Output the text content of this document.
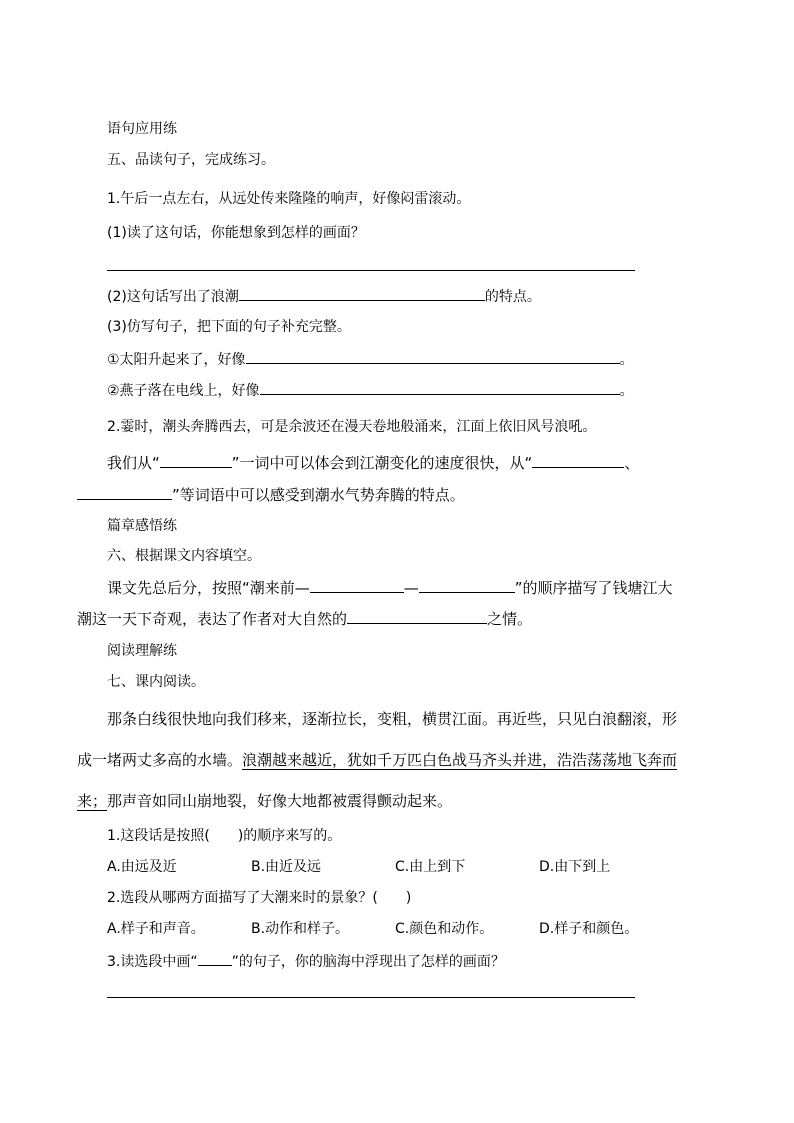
语句应用练
五、品读句子，完成练习。
1.午后一点左右，从远处传来隆隆的响声，好像闷雷滚动。
(1)读了这句话，你能想象到怎样的画面？
(2)这句话写出了浪潮	的特点。
(3)仿写句子，把下面的句子补充完整。
①太阳升起来了，好像	。
②燕子落在电线上，好像	。
2.霎时，潮头奔腾西去，可是余波还在漫天卷地般涌来，江面上依旧风号浪吼。
我们从“	”一词中可以体会到江潮变化的速度很快，从“	、
”等词语中可以感受到潮水气势奔腾的特点。
篇章感悟练
六、根据课文内容填空。
课文先总后分，按照“潮来前—	—	”的顺序描写了钱塘江大
潮这一天下奇观，表达了作者对大自然的	之情。
阅读理解练
七、课内阅读。
那条白线很快地向我们移来，逐渐拉长，变粗，横贯江面。再近些，只见白浪翻滚，形
成一堵两丈多高的水墙。浪潮越来越近，犹如千万匹白色战马齐头并进，浩浩荡荡地飞奔而
来；那声音如同山崩地裂，好像大地都被震得颤动起来。
1.这段话是按照(　　)的顺序来写的。
A.由远及近	B.由近及远	C.由上到下	D.由下到上
2.选段从哪两方面描写了大潮来时的景象？(　　)
A.样子和声音。	B.动作和样子。	C.颜色和动作。	D.样子和颜色。
3.读选段中画“ ”的句子，你的脑海中浮现出了怎样的画面？
